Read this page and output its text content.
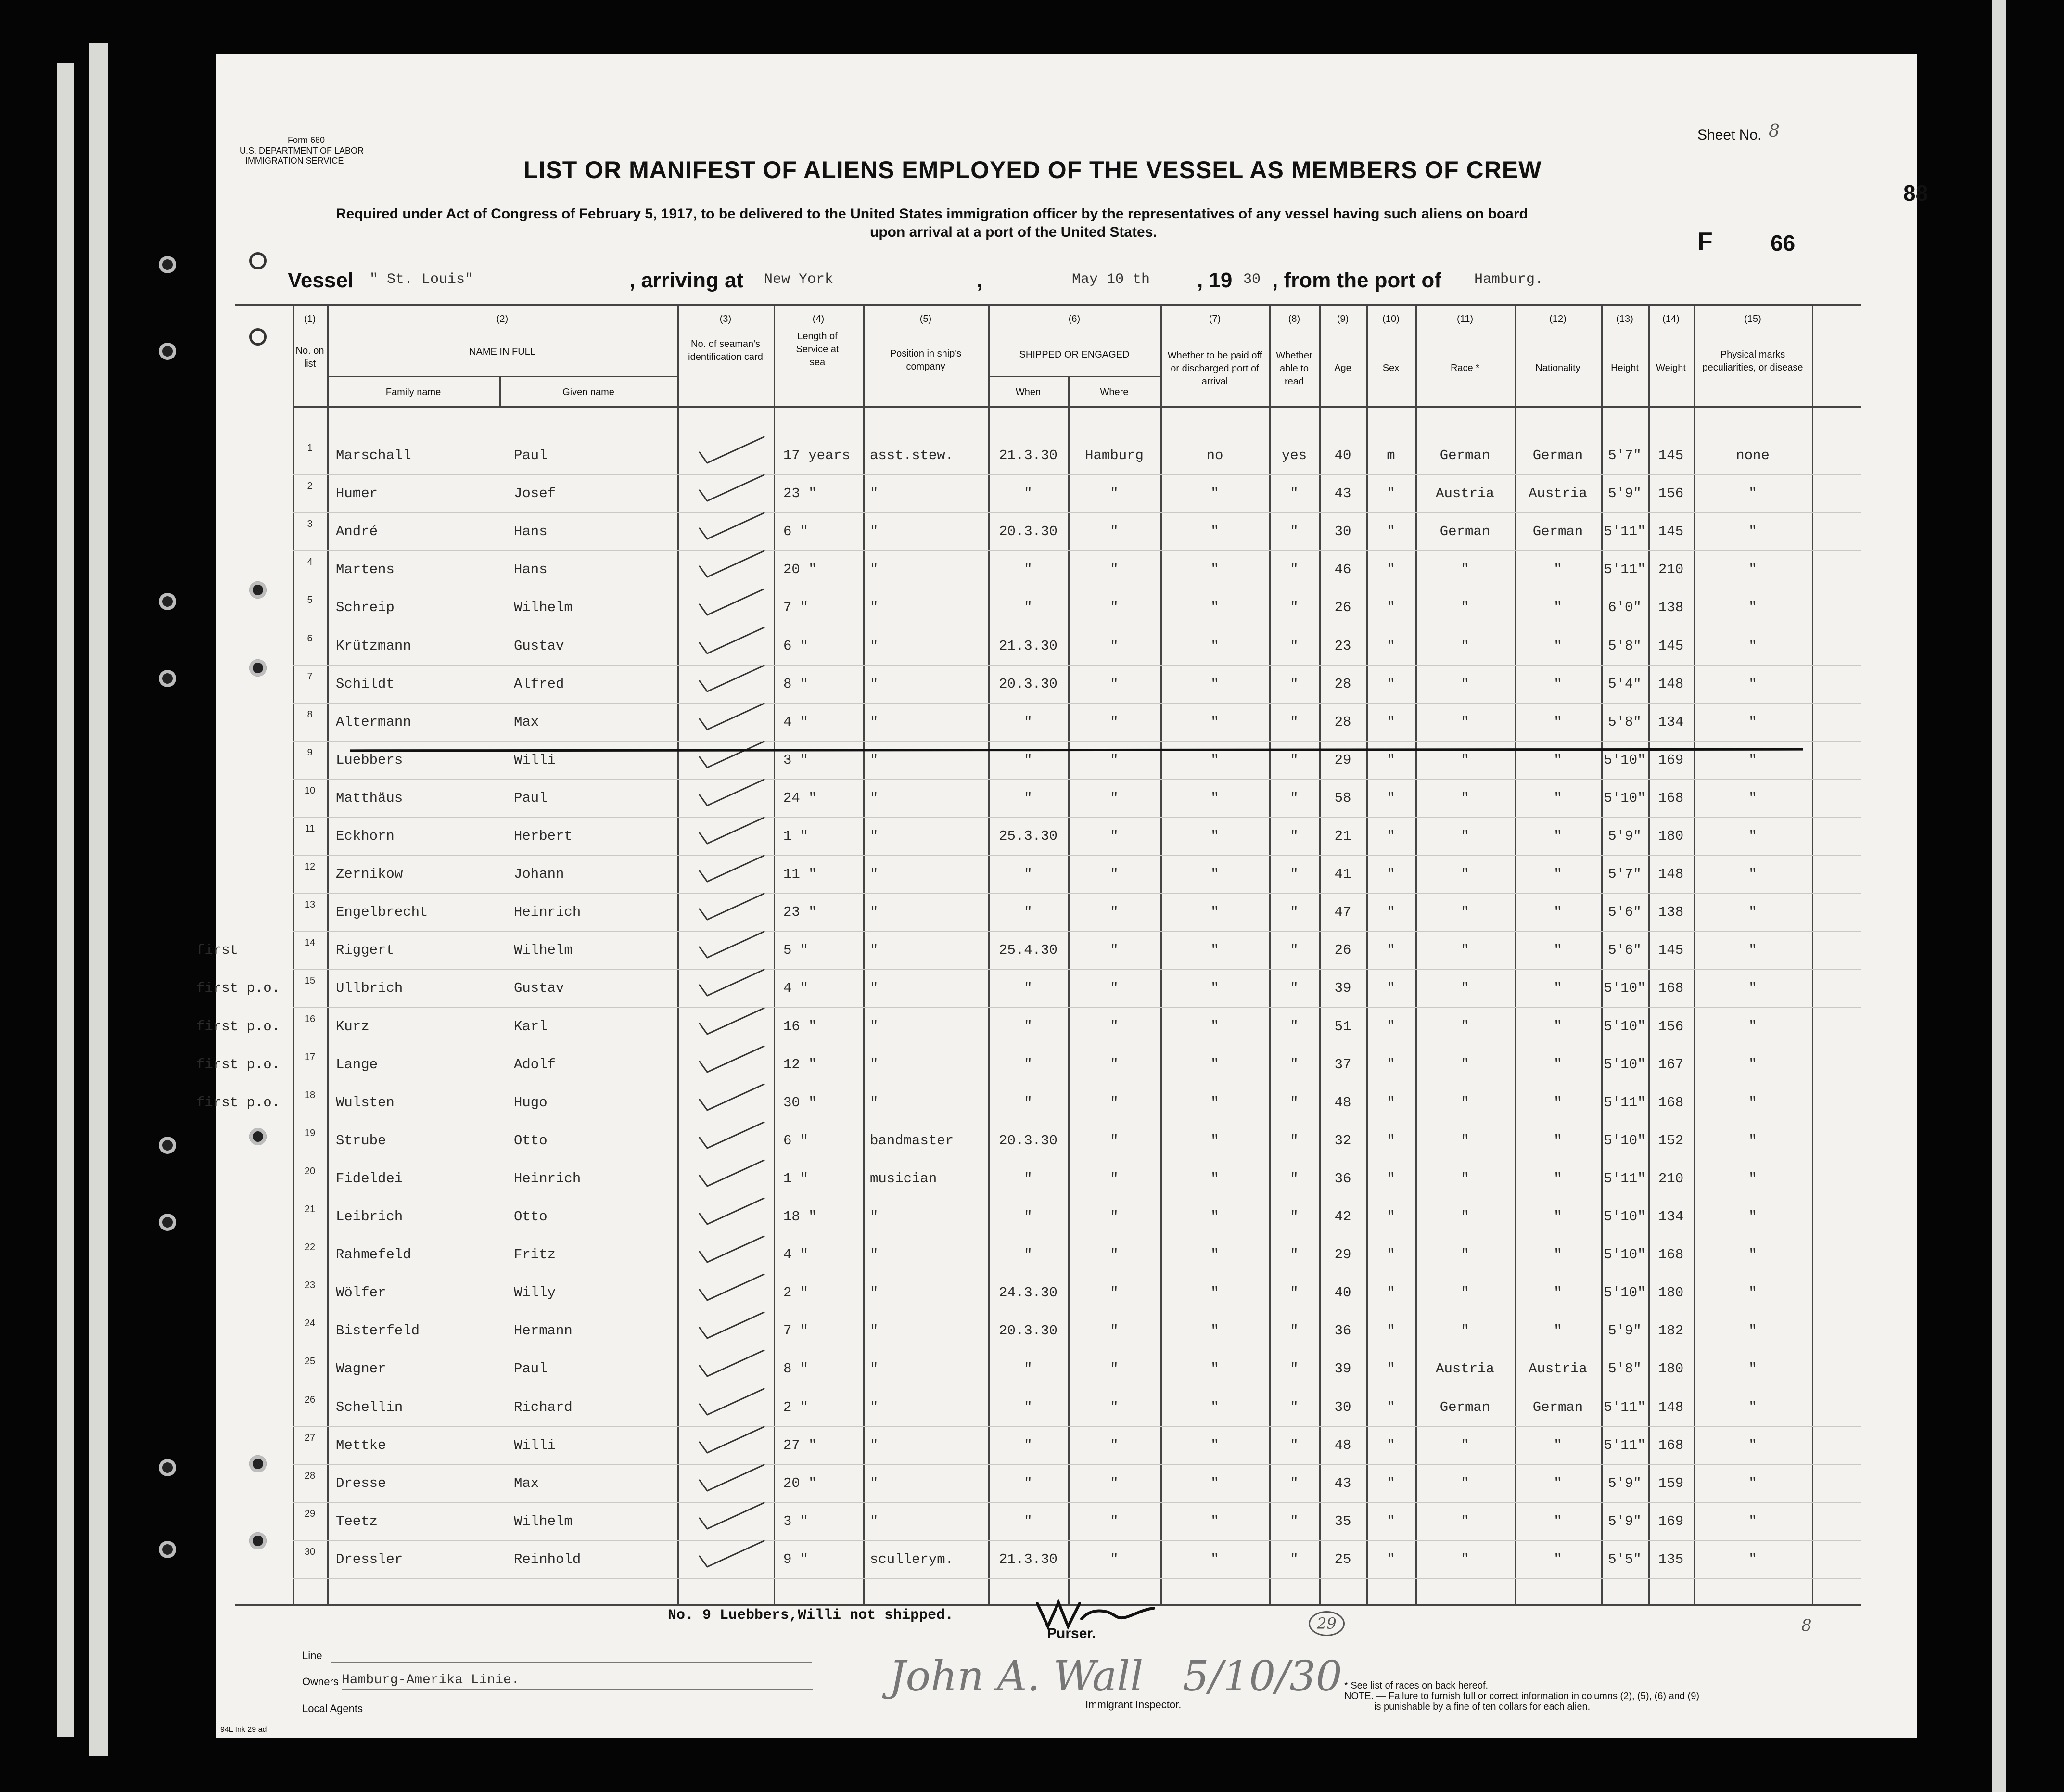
Form 680
U.S. DEPARTMENT OF LABOR
IMMIGRATION SERVICE
Sheet No. 8
88
LIST OR MANIFEST OF ALIENS EMPLOYED OF THE VESSEL AS MEMBERS OF CREW
Required under Act of Congress of February 5, 1917, to be delivered to the United States immigration officer by the representatives of any vessel having such aliens on board
upon arrival at a port of the United States.	F	66
Vessel " St. Louis"	, arriving at New York	,	May 10 th , 19 30 , from the port of Hamburg.
(1)
No. on list
(2)
NAME IN FULL
Family name	Given name
(3)
No. of seaman's identification card
(4)
Length of Service at sea
(5)
Position in ship's company
(6)
SHIPPED OR ENGAGED
When	Where
(7)
Whether to be paid off or discharged port of arrival
(8)
Whether able to read
(9)
Age
(10)
Sex
(11)
Race *
(12)
Nationality
(13)
Height
(14)
Weight
(15)
Physical marks peculiarities, or disease
1	Marschall	Paul	17 years	asst.stew.	21.3.30	Hamburg	no	yes	40	m	German	German	5'7"	145	none
2	Humer	Josef	23 "	"	"	"	"	"	43	"	Austria	Austria	5'9"	156	"
3	André	Hans	6 "	"	20.3.30	"	"	"	30	"	German	German	5'11" 145	"
4	Martens	Hans	20 "	"	"	"	"	"	46	"	"	"	5'11" 210	"
5	Schreip	Wilhelm	7 "	"	"	"	"	"	26	"	"	"	6'0"	138	"
6	Krützmann	Gustav	6 "	"	21.3.30	"	"	"	23	"	"	"	5'8"	145	"
7	Schildt	Alfred	8 "	"	20.3.30	"	"	"	28	"	"	"	5'4"	148	"
8	Altermann	Max	4 "	"	"	"	"	"	28	"	"	"	5'8"	134	"
9	Luebbers	Willi	3 "	"	"	"	"	"	29	"	"	"	5'10" 169	"
10	Matthäus	Paul	24 "	"	"	"	"	"	58	"	"	"	5'10" 168	"
11	Eckhorn	Herbert	1 "	"	25.3.30	"	"	"	21	"	"	"	5'9"	180	"
12	Zernikow	Johann	11 "	"	"	"	"	"	41	"	"	"	5'7"	148	"
13	Engelbrecht	Heinrich	23 "	"	"	"	"	"	47	"	"	"	5'6"	138	"
first	14	Riggert	Wilhelm	5 "	"	25.4.30	"	"	"	26	"	"	"	5'6"	145	"
first p.o.	15	Ullbrich	Gustav	4 "	"	"	"	"	"	39	"	"	"	5'10" 168	"
first p.o.	16	Kurz	Karl	16 "	"	"	"	"	"	51	"	"	"	5'10" 156	"
first p.o.	17	Lange	Adolf	12 "	"	"	"	"	"	37	"	"	"	5'10" 167	"
first p.o.	18	Wulsten	Hugo	30 "	"	"	"	"	"	48	"	"	"	5'11" 168	"
19	Strube	Otto	6 "	bandmaster	20.3.30	"	"	"	32	"	"	"	5'10" 152	"
20	Fideldei	Heinrich	1 "	musician	"	"	"	"	36	"	"	"	5'11" 210	"
21	Leibrich	Otto	18 "	"	"	"	"	"	42	"	"	"	5'10" 134	"
22	Rahmefeld	Fritz	4 "	"	"	"	"	"	29	"	"	"	5'10" 168	"
23	Wölfer	Willy	2 "	"	24.3.30	"	"	"	40	"	"	"	5'10" 180	"
24	Bisterfeld	Hermann	7 "	"	20.3.30	"	"	"	36	"	"	"	5'9"	182	"
25	Wagner	Paul	8 "	"	"	"	"	"	39	"	Austria	Austria	5'8"	180	"
26	Schellin	Richard	2 "	"	"	"	"	"	30	"	German	German	5'11" 148	"
27	Mettke	Willi	27 "	"	"	"	"	"	48	"	"	"	5'11" 168	"
28	Dresse	Max	20 "	"	"	"	"	"	43	"	"	"	5'9"	159	"
29	Teetz	Wilhelm	3 "	"	"	"	"	"	35	"	"	"	5'9"	169	"
30	Dressler	Reinhold	9 "	scullerym.	21.3.30	"	"	"	25	"	"	"	5'5"	135	"
No. 9 Luebbers,Willi not shipped.
Purser.
29	8
Line
Owners Hamburg-Amerika Linie.
Local Agents
John A. Wall 5/10/30
Immigrant Inspector.
* See list of races on back hereof.
NOTE. — Failure to furnish full or correct information in columns (2), (5), (6) and (9)
is punishable by a fine of ten dollars for each alien.
94L Ink 29 ad
